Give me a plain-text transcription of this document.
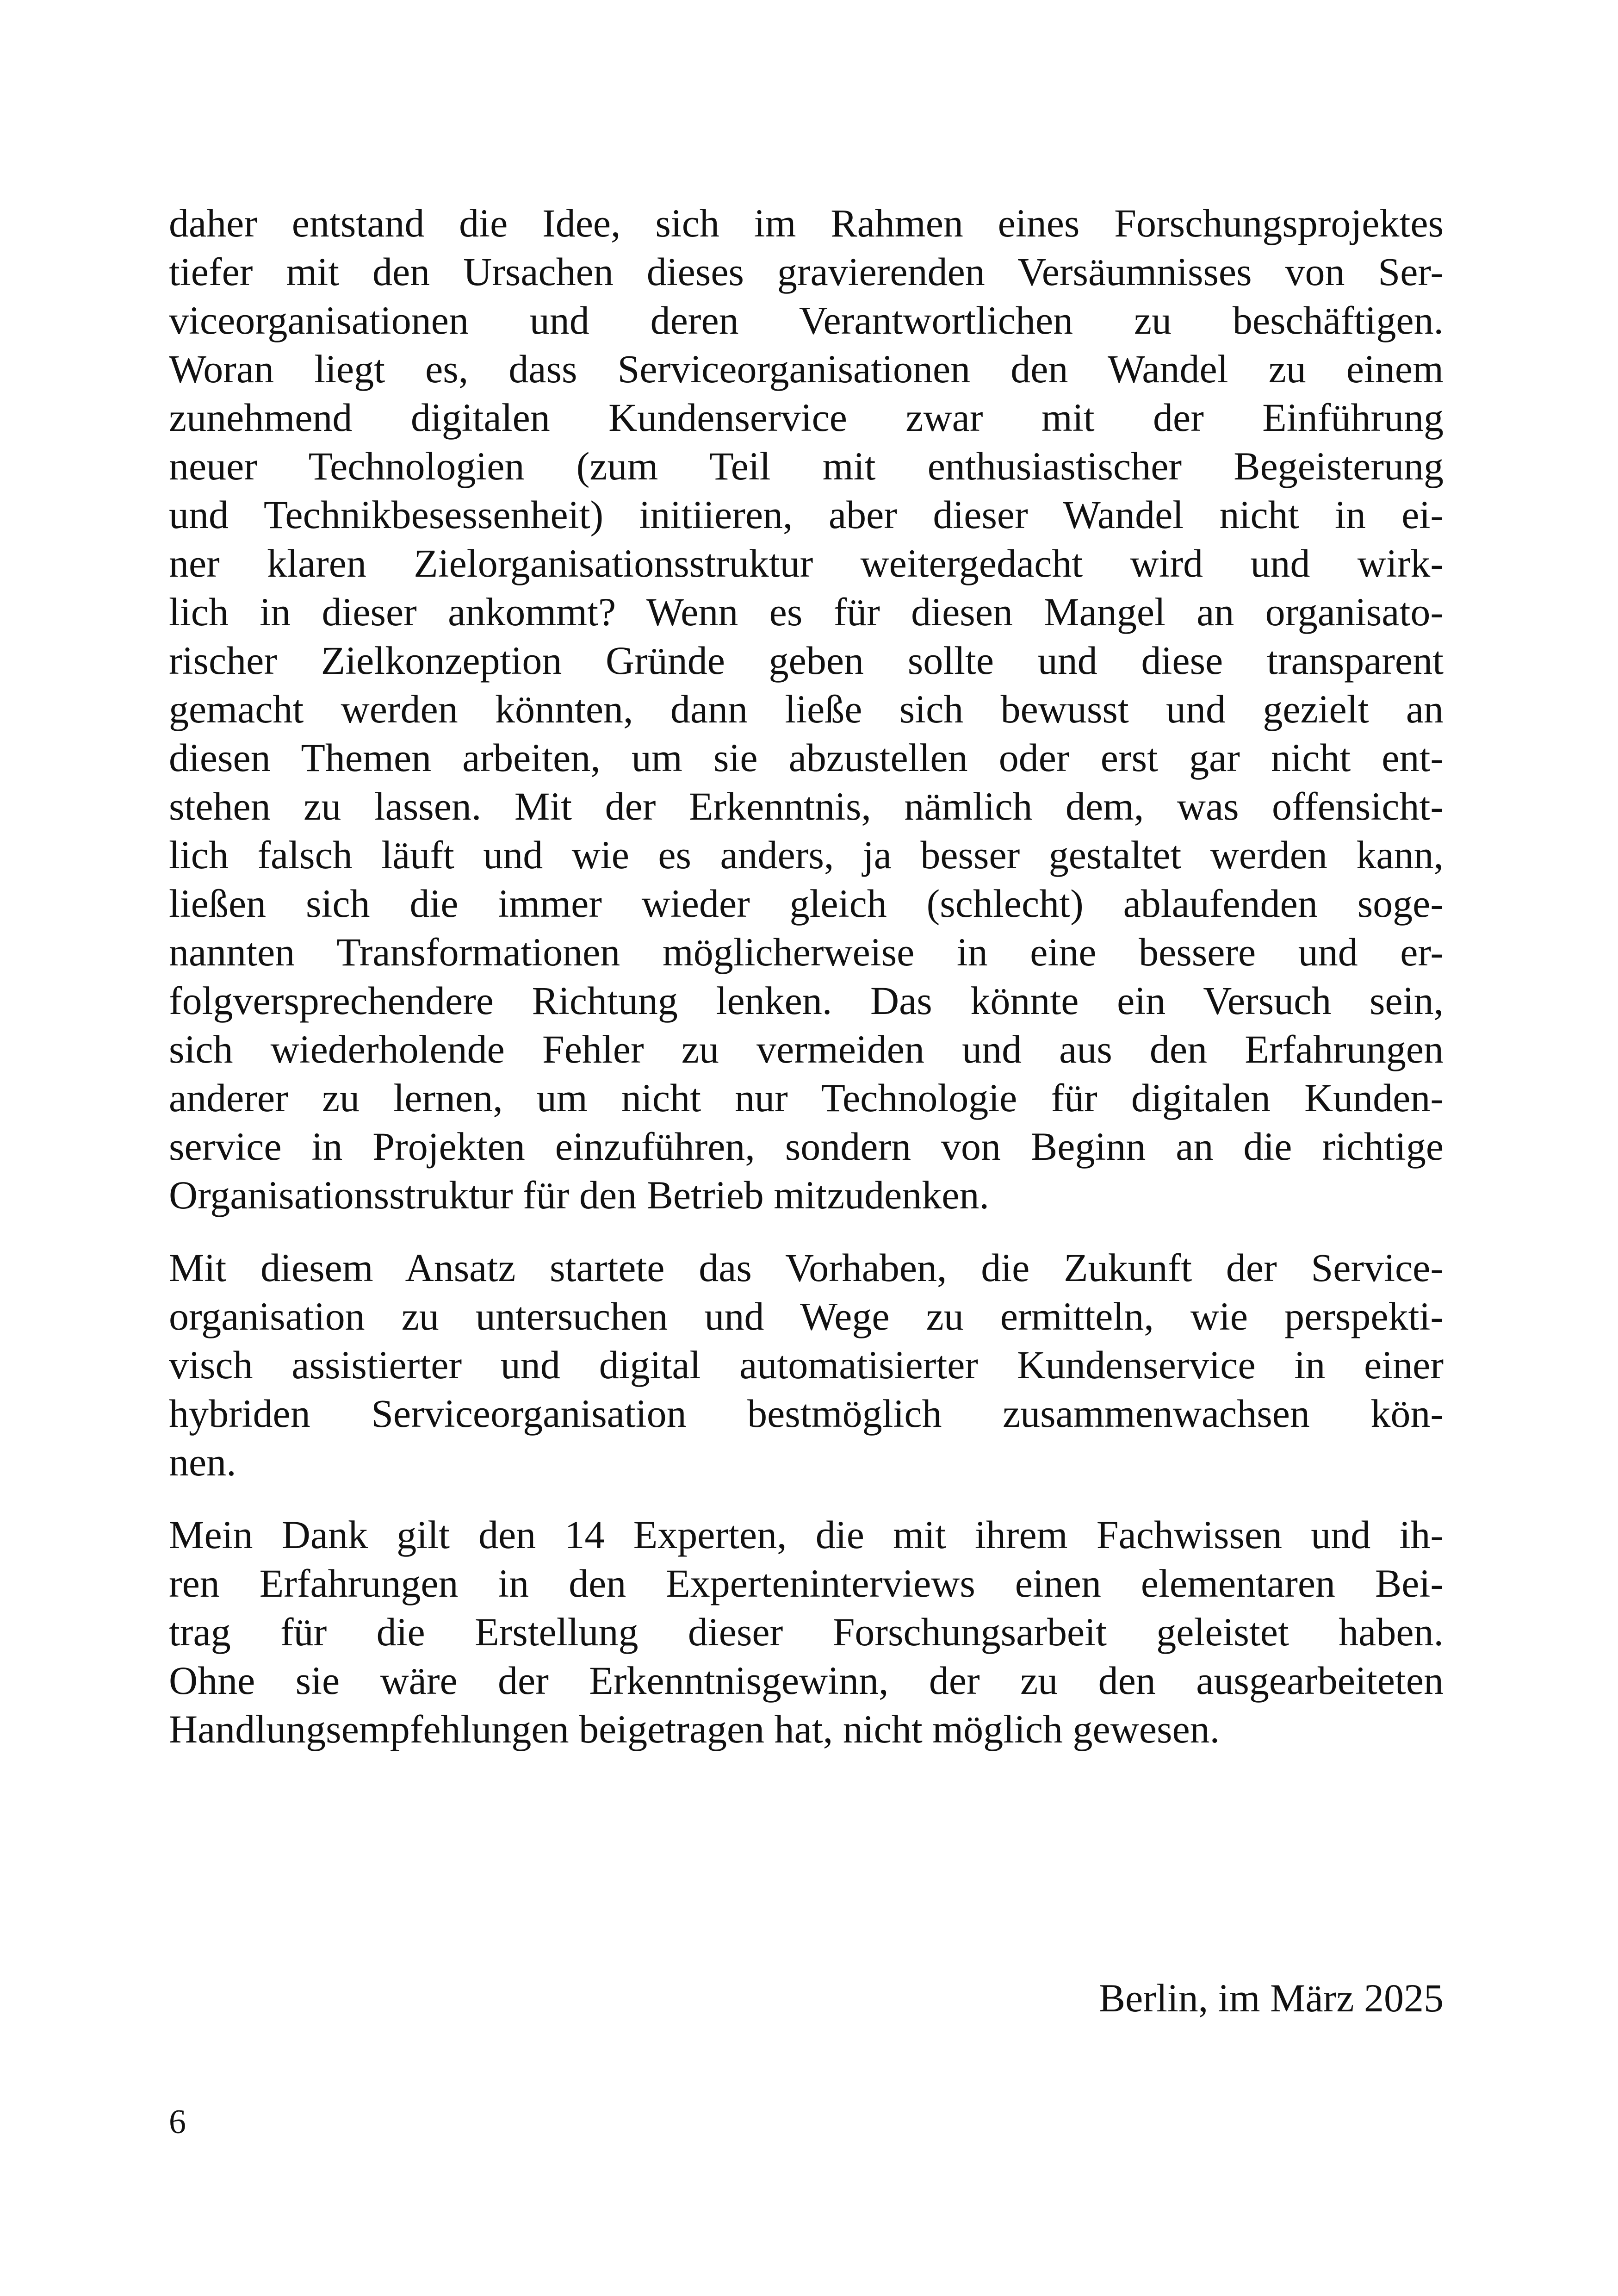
daher entstand die Idee, sich im Rahmen eines Forschungsprojektes
tiefer mit den Ursachen dieses gravierenden Versäumnisses von Ser-
viceorganisationen und deren Verantwortlichen zu beschäftigen.
Woran liegt es, dass Serviceorganisationen den Wandel zu einem
zunehmend digitalen Kundenservice zwar mit der Einführung
neuer Technologien (zum Teil mit enthusiastischer Begeisterung
und Technikbesessenheit) initiieren, aber dieser Wandel nicht in ei-
ner klaren Zielorganisationsstruktur weitergedacht wird und wirk-
lich in dieser ankommt? Wenn es für diesen Mangel an organisato-
rischer Zielkonzeption Gründe geben sollte und diese transparent
gemacht werden könnten, dann ließe sich bewusst und gezielt an
diesen Themen arbeiten, um sie abzustellen oder erst gar nicht ent-
stehen zu lassen. Mit der Erkenntnis, nämlich dem, was offensicht-
lich falsch läuft und wie es anders, ja besser gestaltet werden kann,
ließen sich die immer wieder gleich (schlecht) ablaufenden soge-
nannten Transformationen möglicherweise in eine bessere und er-
folgversprechendere Richtung lenken. Das könnte ein Versuch sein,
sich wiederholende Fehler zu vermeiden und aus den Erfahrungen
anderer zu lernen, um nicht nur Technologie für digitalen Kunden-
service in Projekten einzuführen, sondern von Beginn an die richtige
Organisationsstruktur für den Betrieb mitzudenken.

Mit diesem Ansatz startete das Vorhaben, die Zukunft der Service-
organisation zu untersuchen und Wege zu ermitteln, wie perspekti-
visch assistierter und digital automatisierter Kundenservice in einer
hybriden Serviceorganisation bestmöglich zusammenwachsen kön-
nen.

Mein Dank gilt den 14 Experten, die mit ihrem Fachwissen und ih-
ren Erfahrungen in den Experteninterviews einen elementaren Bei-
trag für die Erstellung dieser Forschungsarbeit geleistet haben.
Ohne sie wäre der Erkenntnisgewinn, der zu den ausgearbeiteten
Handlungsempfehlungen beigetragen hat, nicht möglich gewesen.

Berlin, im März 2025
6
